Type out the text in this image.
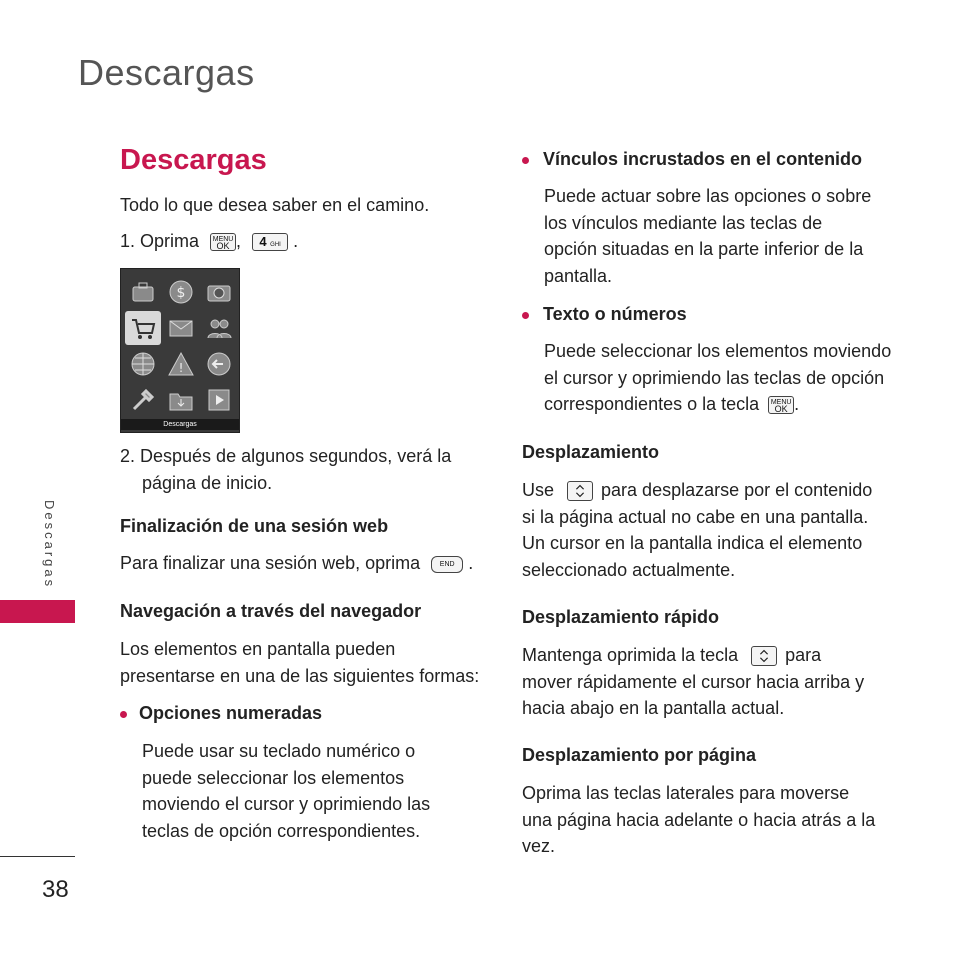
Descargas
Descargas
38
Descargas
Todo lo que desea saber en el camino.
1. Oprima MENU
OK , 4 GHI .
$
!
Descargas
2. Después de algunos segundos, verá la
página de inicio.
Finalización de una sesión web
Para finalizar una sesión web, oprima	END .
Navegación a través del navegador
Los elementos en pantalla pueden
presentarse en una de las siguientes formas:
Opciones numeradas
Puede usar su teclado numérico o
puede seleccionar los elementos
moviendo el cursor y oprimiendo las
teclas de opción correspondientes.
Vínculos incrustados en el contenido
Puede actuar sobre las opciones o sobre
los vínculos mediante las teclas de
opción situadas en la parte inferior de la
pantalla.
Texto o números
Puede seleccionar los elementos moviendo
el cursor y oprimiendo las teclas de opción
correspondientes o la tecla MENU
OK .
Desplazamiento
Use	para desplazarse por el contenido
si la página actual no cabe en una pantalla.
Un cursor en la pantalla indica el elemento
seleccionado actualmente.
Desplazamiento rápido
Mantenga oprimida la tecla	para
mover rápidamente el cursor hacia arriba y
hacia abajo en la pantalla actual.
Desplazamiento por página
Oprima las teclas laterales para moverse
una página hacia adelante o hacia atrás a la
vez.
